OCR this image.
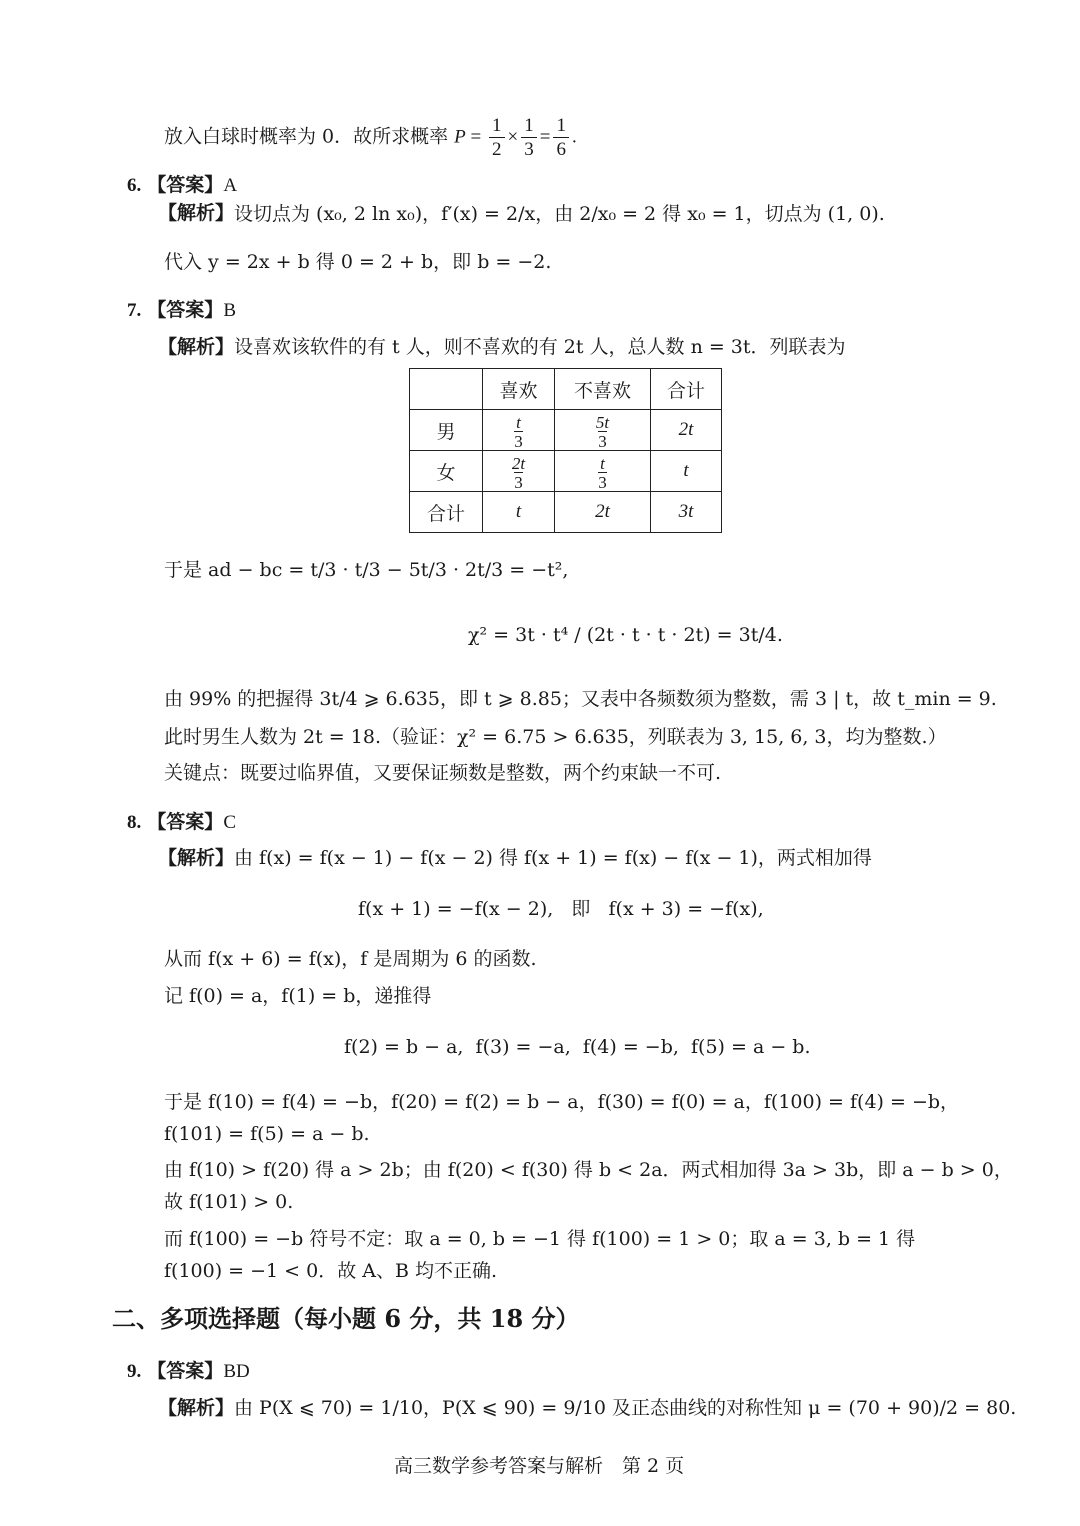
放入白球时概率为 0．故所求概率 $P = \frac{1}{2} \times \frac{1}{3} = \frac{1}{6}$ .
6. 【答案】A
【解析】设切点为 (x₀, 2 ln x₀)，f′(x) = 2/x，由 2/x₀ = 2 得 x₀ = 1，切点为 (1, 0).
代入 y = 2x + b 得 0 = 2 + b，即 b = −2.
7. 【答案】B
【解析】设喜欢该软件的有 t 人，则不喜欢的有 2t 人，总人数 n = 3t．列联表为
	喜欢	不喜欢	合计
男	$\frac{t}{3}$	$\frac{5t}{3}$	2t
女	$\frac{2t}{3}$	$\frac{t}{3}$	t
合计	t	2t	3t
于是 ad − bc = t/3 · t/3 − 5t/3 · 2t/3 = −t²,
χ² = 3t · t⁴ / (2t · t · t · 2t) = 3t/4.
由 99% 的把握得 3t/4 ⩾ 6.635，即 t ⩾ 8.85；又表中各频数须为整数，需 3 | t，故 t_min = 9.
此时男生人数为 2t = 18.（验证：χ² = 6.75 > 6.635，列联表为 3, 15, 6, 3，均为整数.）
关键点：既要过临界值，又要保证频数是整数，两个约束缺一不可.
8. 【答案】C
【解析】由 f(x) = f(x − 1) − f(x − 2) 得 f(x + 1) = f(x) − f(x − 1)，两式相加得
f(x + 1) = −f(x − 2),   即   f(x + 3) = −f(x),
从而 f(x + 6) = f(x)，f 是周期为 6 的函数.
记 f(0) = a，f(1) = b，递推得
f(2) = b − a,  f(3) = −a,  f(4) = −b,  f(5) = a − b.
于是 f(10) = f(4) = −b，f(20) = f(2) = b − a，f(30) = f(0) = a，f(100) = f(4) = −b，
f(101) = f(5) = a − b.
由 f(10) > f(20) 得 a > 2b；由 f(20) < f(30) 得 b < 2a．两式相加得 3a > 3b，即 a − b > 0，
故 f(101) > 0.
而 f(100) = −b 符号不定：取 a = 0, b = −1 得 f(100) = 1 > 0；取 a = 3, b = 1 得
f(100) = −1 < 0．故 A、B 均不正确.
二、多项选择题（每小题 6 分，共 18 分）
9. 【答案】BD
【解析】由 P(X ⩽ 70) = 1/10，P(X ⩽ 90) = 9/10 及正态曲线的对称性知 μ = (70 + 90)/2 = 80.
高三数学参考答案与解析　第 2 页
